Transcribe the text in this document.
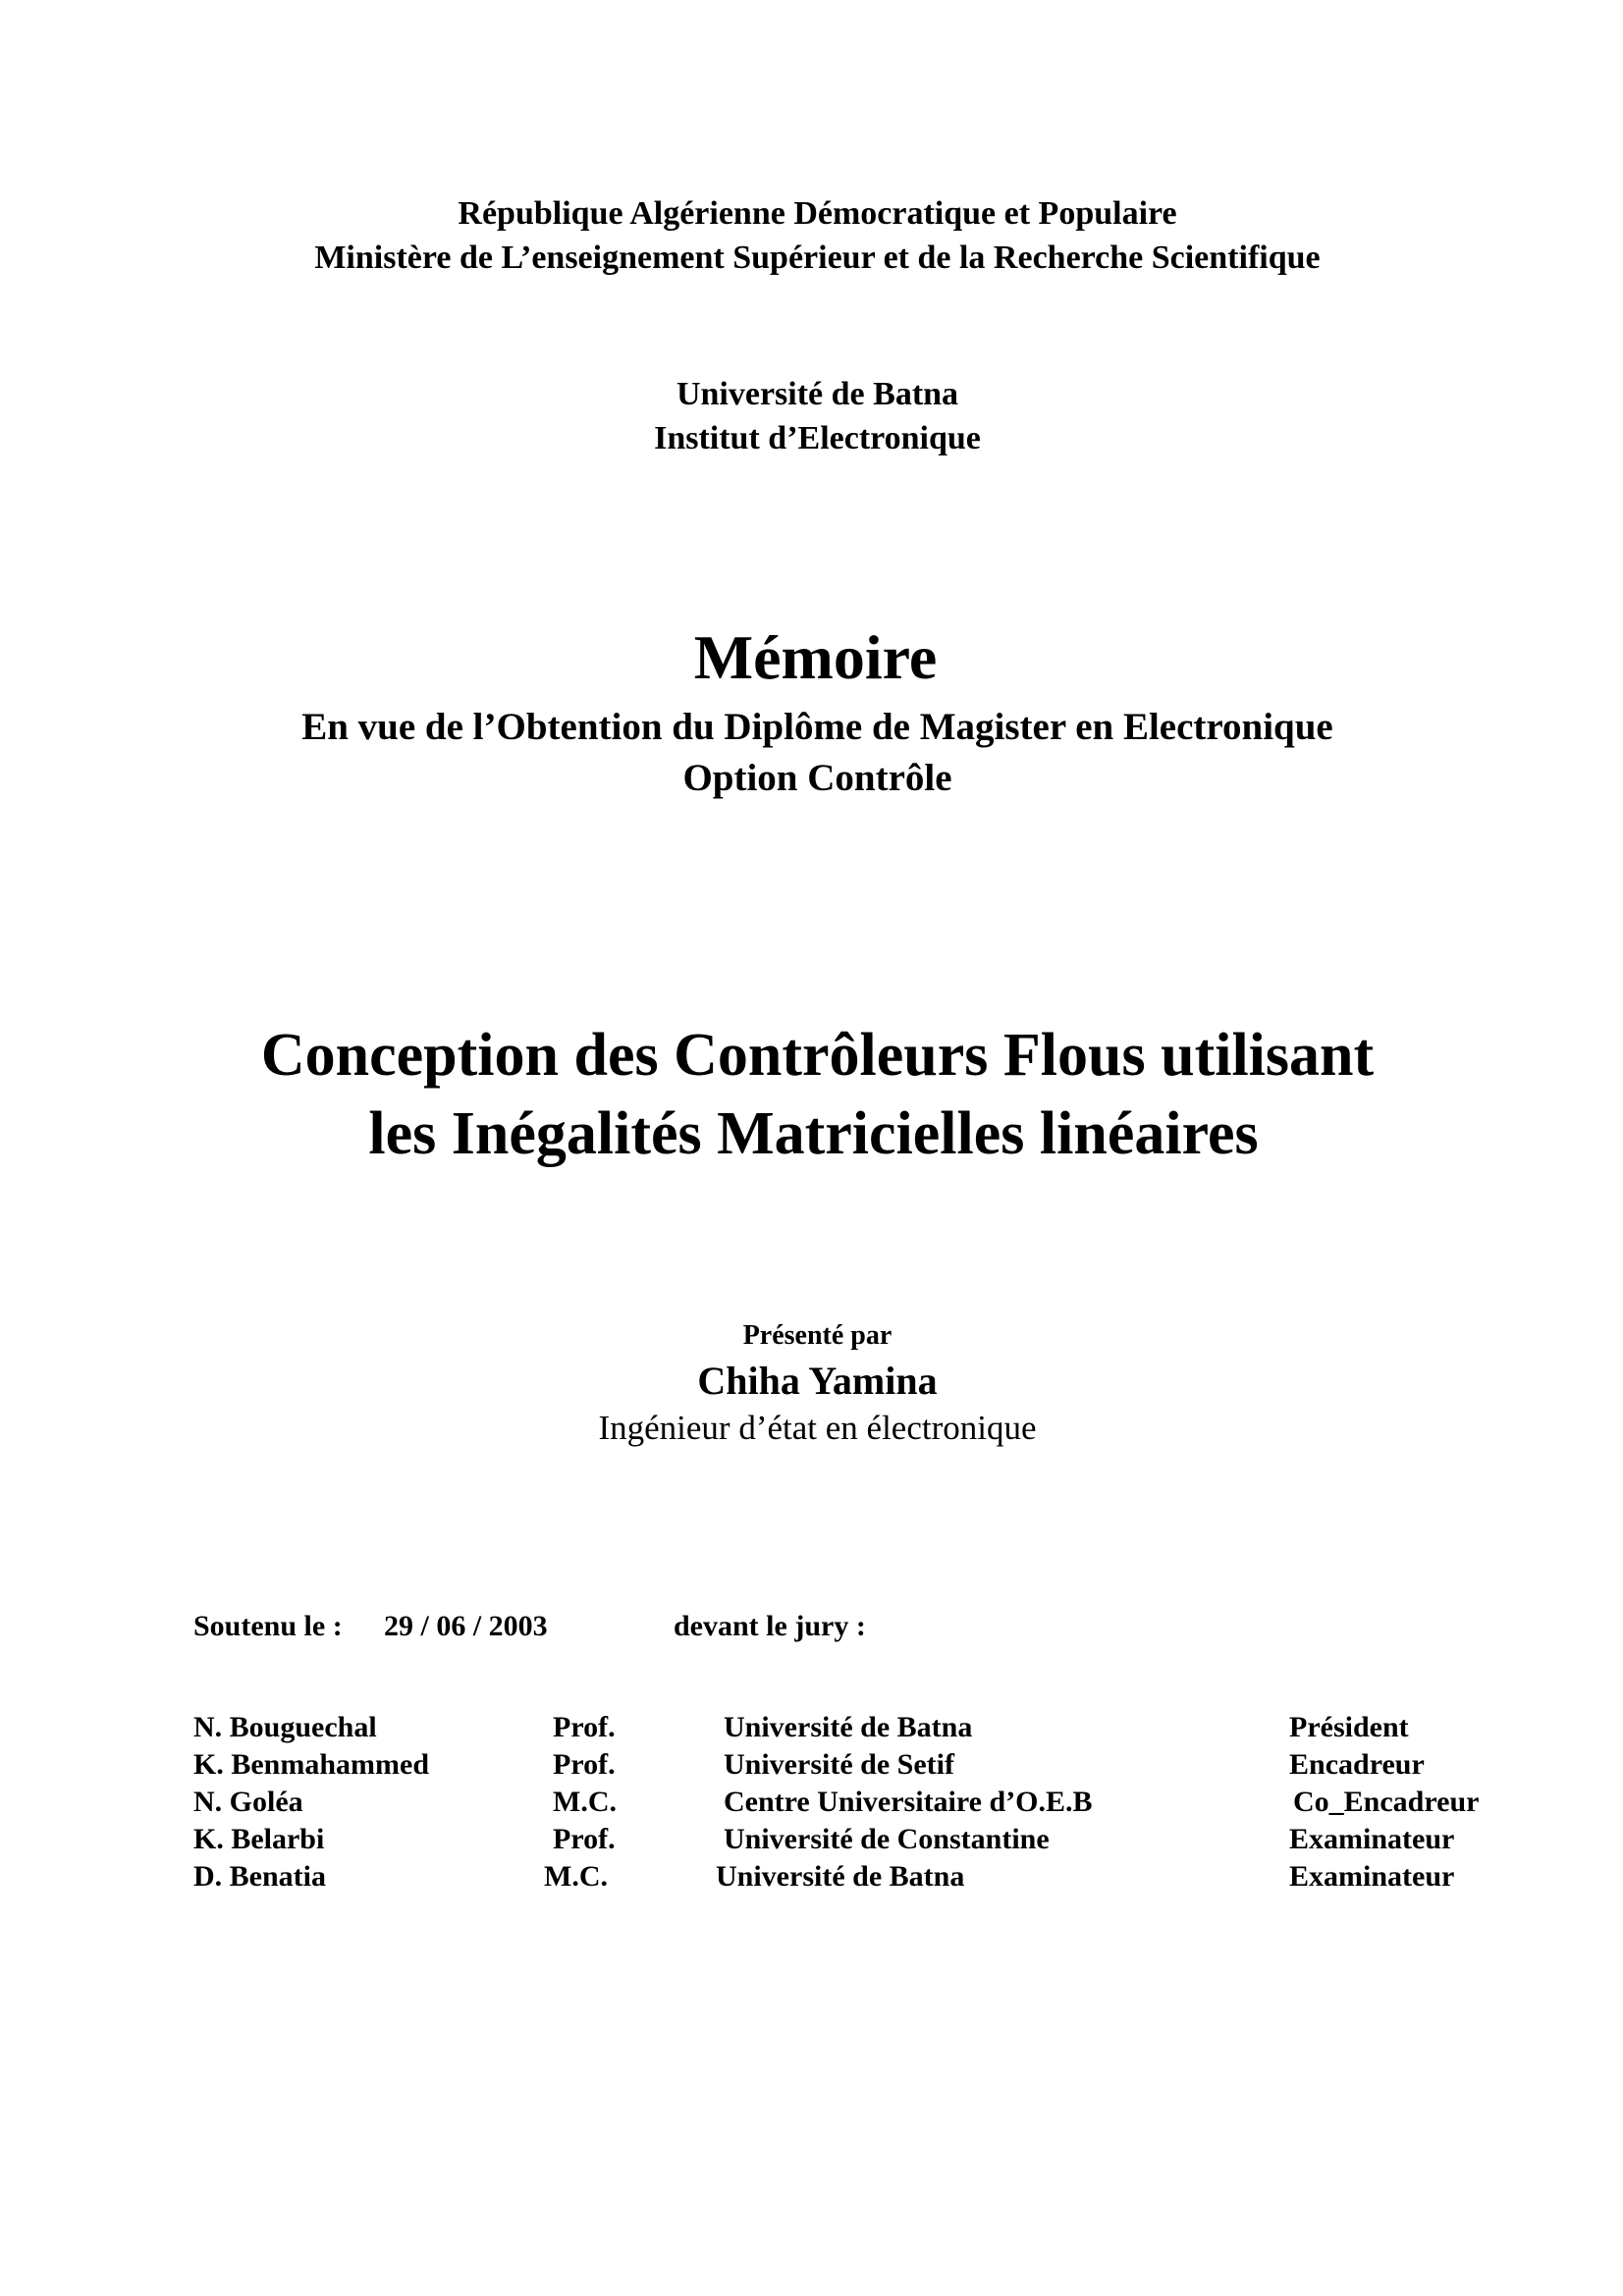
République Algérienne Démocratique et Populaire
Ministère de L’enseignement Supérieur et de la Recherche Scientifique
Université de Batna
Institut d’Electronique
Mémoire
En vue de l’Obtention du Diplôme de Magister en Electronique
Option Contrôle
Conception des Contrôleurs Flous utilisant
les Inégalités Matricielles linéaires
Présenté par
Chiha Yamina
Ingénieur d’état en électronique
Soutenu le : 29 / 06 / 2003	devant le jury :
N. Bouguechal	Prof.	Université de Batna	Président
K. Benmahammed	Prof.	Université de Setif	Encadreur
N. Goléa	M.C.	Centre Universitaire d’O.E.B	Co_Encadreur
K. Belarbi	Prof.	Université de Constantine	Examinateur
D. Benatia	M.C.	Université de Batna	Examinateur
